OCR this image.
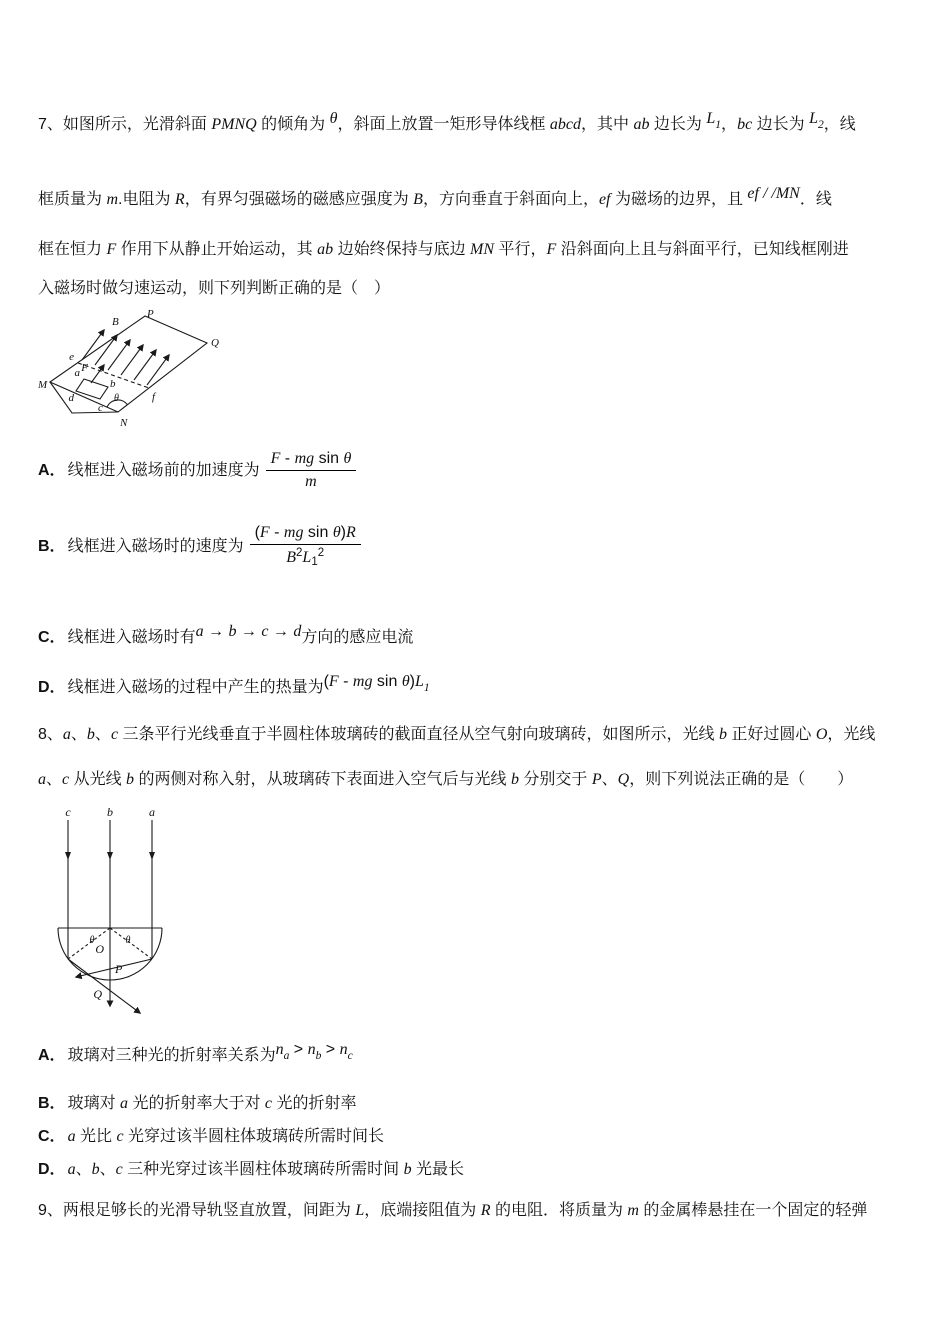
7、如图所示，光滑斜面 PMNQ 的倾角为 θ，斜面上放置一矩形导体线框 abcd，其中 ab 边长为 L1，bc 边长为 L2，线
框质量为 m.电阻为 R，有界匀强磁场的磁感应强度为 B，方向垂直于斜面向上，ef 为磁场的边界，且 ef / /MN．线
框在恒力 F 作用下从静止开始运动，其 ab 边始终保持与底边 MN 平行，F 沿斜面向上且与斜面平行，已知线框刚进
入磁场时做匀速运动，则下列判断正确的是（　）
B
P
Q
M
N
e
f
a
b
c
d
F
θ
A． 线框进入磁场前的加速度为 $\frac{\text{F - mg sin θ}}{m}$
B． 线框进入磁场时的速度为 $\frac{\text{(F - mg sin θ)R}}{B^2L_1^2}$
C． 线框进入磁场时有a → b → c → d方向的感应电流
D． 线框进入磁场的过程中产生的热量为(F - mg sin θ)L1
8、a、b、c 三条平行光线垂直于半圆柱体玻璃砖的截面直径从空气射向玻璃砖，如图所示，光线 b 正好过圆心 O，光线
a、c 从光线 b 的两侧对称入射，从玻璃砖下表面进入空气后与光线 b 分别交于 P、Q，则下列说法正确的是（　　）
c	b	a
θ	θ
O
P
Q
A． 玻璃对三种光的折射率关系为na > nb > nc
B． 玻璃对 a 光的折射率大于对 c 光的折射率
C． a 光比 c 光穿过该半圆柱体玻璃砖所需时间长
D． a、b、c 三种光穿过该半圆柱体玻璃砖所需时间 b 光最长
9、两根足够长的光滑导轨竖直放置，间距为 L，底端接阻值为 R 的电阻．将质量为 m 的金属棒悬挂在一个固定的轻弹
